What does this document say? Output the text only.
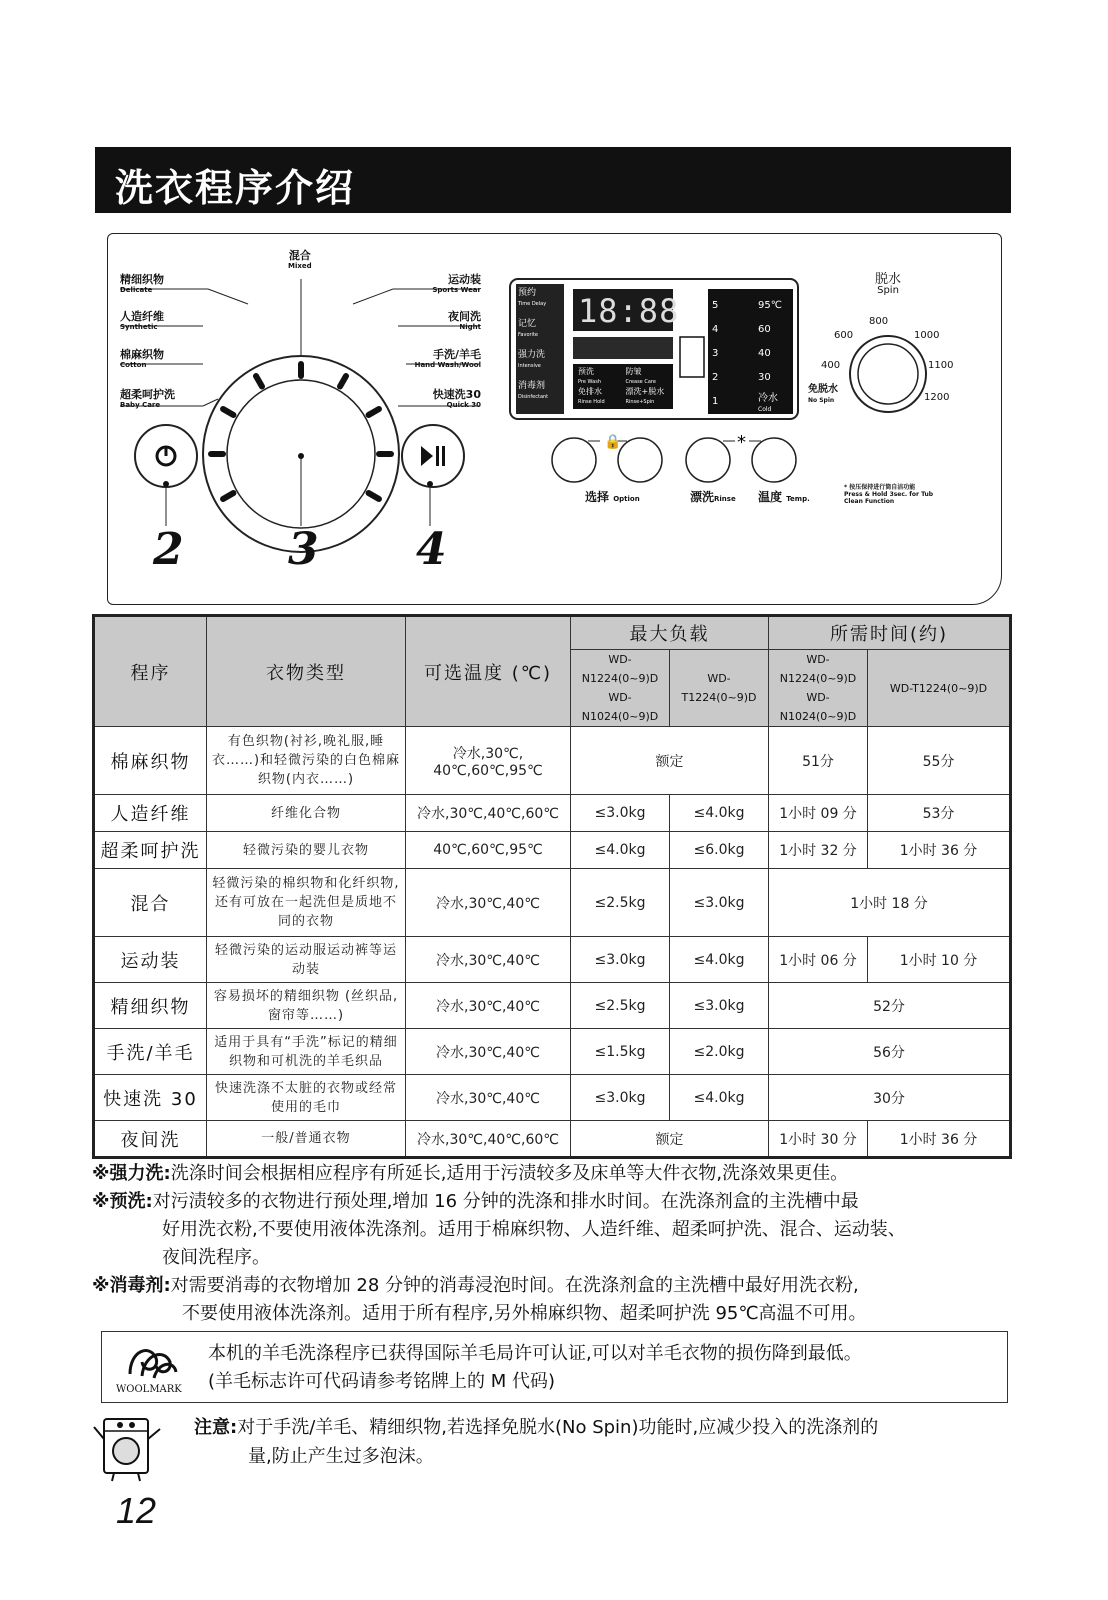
洗衣程序介绍
🔒	*
精细织物
Delicate
人造纤维
Synthetic
棉麻织物
Cotton
超柔呵护洗
Baby Care
混合
Mixed
运动装
Sports Wear
夜间洗
Night
手洗/羊毛
Hand Wash/Wool
快速洗30
Quick 30
预约
Time Delay
记忆
Favorite
强力洗
Intensive
消毒剂
Disinfectant
18:88
预洗	防皱
Pre Wash	Crease Care
免排水	漂洗+脱水
Rinse Hold	Rinse+Spin
5
4
3
2
1
95℃
60
40
30
冷水
Cold
脱水
Spin
800
1000
600
1100
400
1200
免脱水
No Spin
选择 Option	漂洗Rinse 温度 Temp.
* 按压保持进行筒自洁功能
Press & Hold 3sec. for Tub Clean Function
2 3 4
程序	衣物类型	可选温度 (℃)	最大负载		所需时间(约)	
			WD-N1224(0~9)D WD-N1024(0~9)D	WD-T1224(0~9)D	WD-N1224(0~9)D WD-N1024(0~9)D	WD-T1224(0~9)D
棉麻织物	有色织物(衬衫,晚礼服,睡衣……)和轻微污染的白色棉麻织物(内衣……)	冷水,30℃, 40℃,60℃,95℃	额定		51分	55分
人造纤维	纤维化合物	冷水,30℃,40℃,60℃	≤3.0kg	≤4.0kg	1小时 09 分	53分
超柔呵护洗	轻微污染的婴儿衣物	40℃,60℃,95℃	≤4.0kg	≤6.0kg	1小时 32 分	1小时 36 分
混合	轻微污染的棉织物和化纤织物, 还有可放在一起洗但是质地不同的衣物	冷水,30℃,40℃	≤2.5kg	≤3.0kg	1小时 18 分	
运动装	轻微污染的运动服运动裤等运动装	冷水,30℃,40℃	≤3.0kg	≤4.0kg	1小时 06 分	1小时 10 分
精细织物	容易损坏的精细织物 (丝织品,窗帘等……)	冷水,30℃,40℃	≤2.5kg	≤3.0kg	52分	
手洗/羊毛	适用于具有“手洗”标记的精细织物和可机洗的羊毛织品	冷水,30℃,40℃	≤1.5kg	≤2.0kg	56分	
快速洗 30	快速洗涤不太脏的衣物或经常使用的毛巾	冷水,30℃,40℃	≤3.0kg	≤4.0kg	30分	
夜间洗	一般/普通衣物	冷水,30℃,40℃,60℃	额定		1小时 30 分	1小时 36 分
※强力洗:洗涤时间会根据相应程序有所延长,适用于污渍较多及床单等大件衣物,洗涤效果更佳。
※预洗:对污渍较多的衣物进行预处理,增加 16 分钟的洗涤和排水时间。在洗涤剂盒的主洗槽中最
好用洗衣粉,不要使用液体洗涤剂。适用于棉麻织物、人造纤维、超柔呵护洗、混合、运动装、
夜间洗程序。
※消毒剂:对需要消毒的衣物增加 28 分钟的消毒浸泡时间。在洗涤剂盒的主洗槽中最好用洗衣粉,
不要使用液体洗涤剂。适用于所有程序,另外棉麻织物、超柔呵护洗 95℃高温不可用。
WOOLMARK
本机的羊毛洗涤程序已获得国际羊毛局许可认证,可以对羊毛衣物的损伤降到最低。
(羊毛标志许可代码请参考铭牌上的 M 代码)
注意:对于手洗/羊毛、精细织物,若选择免脱水(No Spin)功能时,应减少投入的洗涤剂的
量,防止产生过多泡沫。
12
